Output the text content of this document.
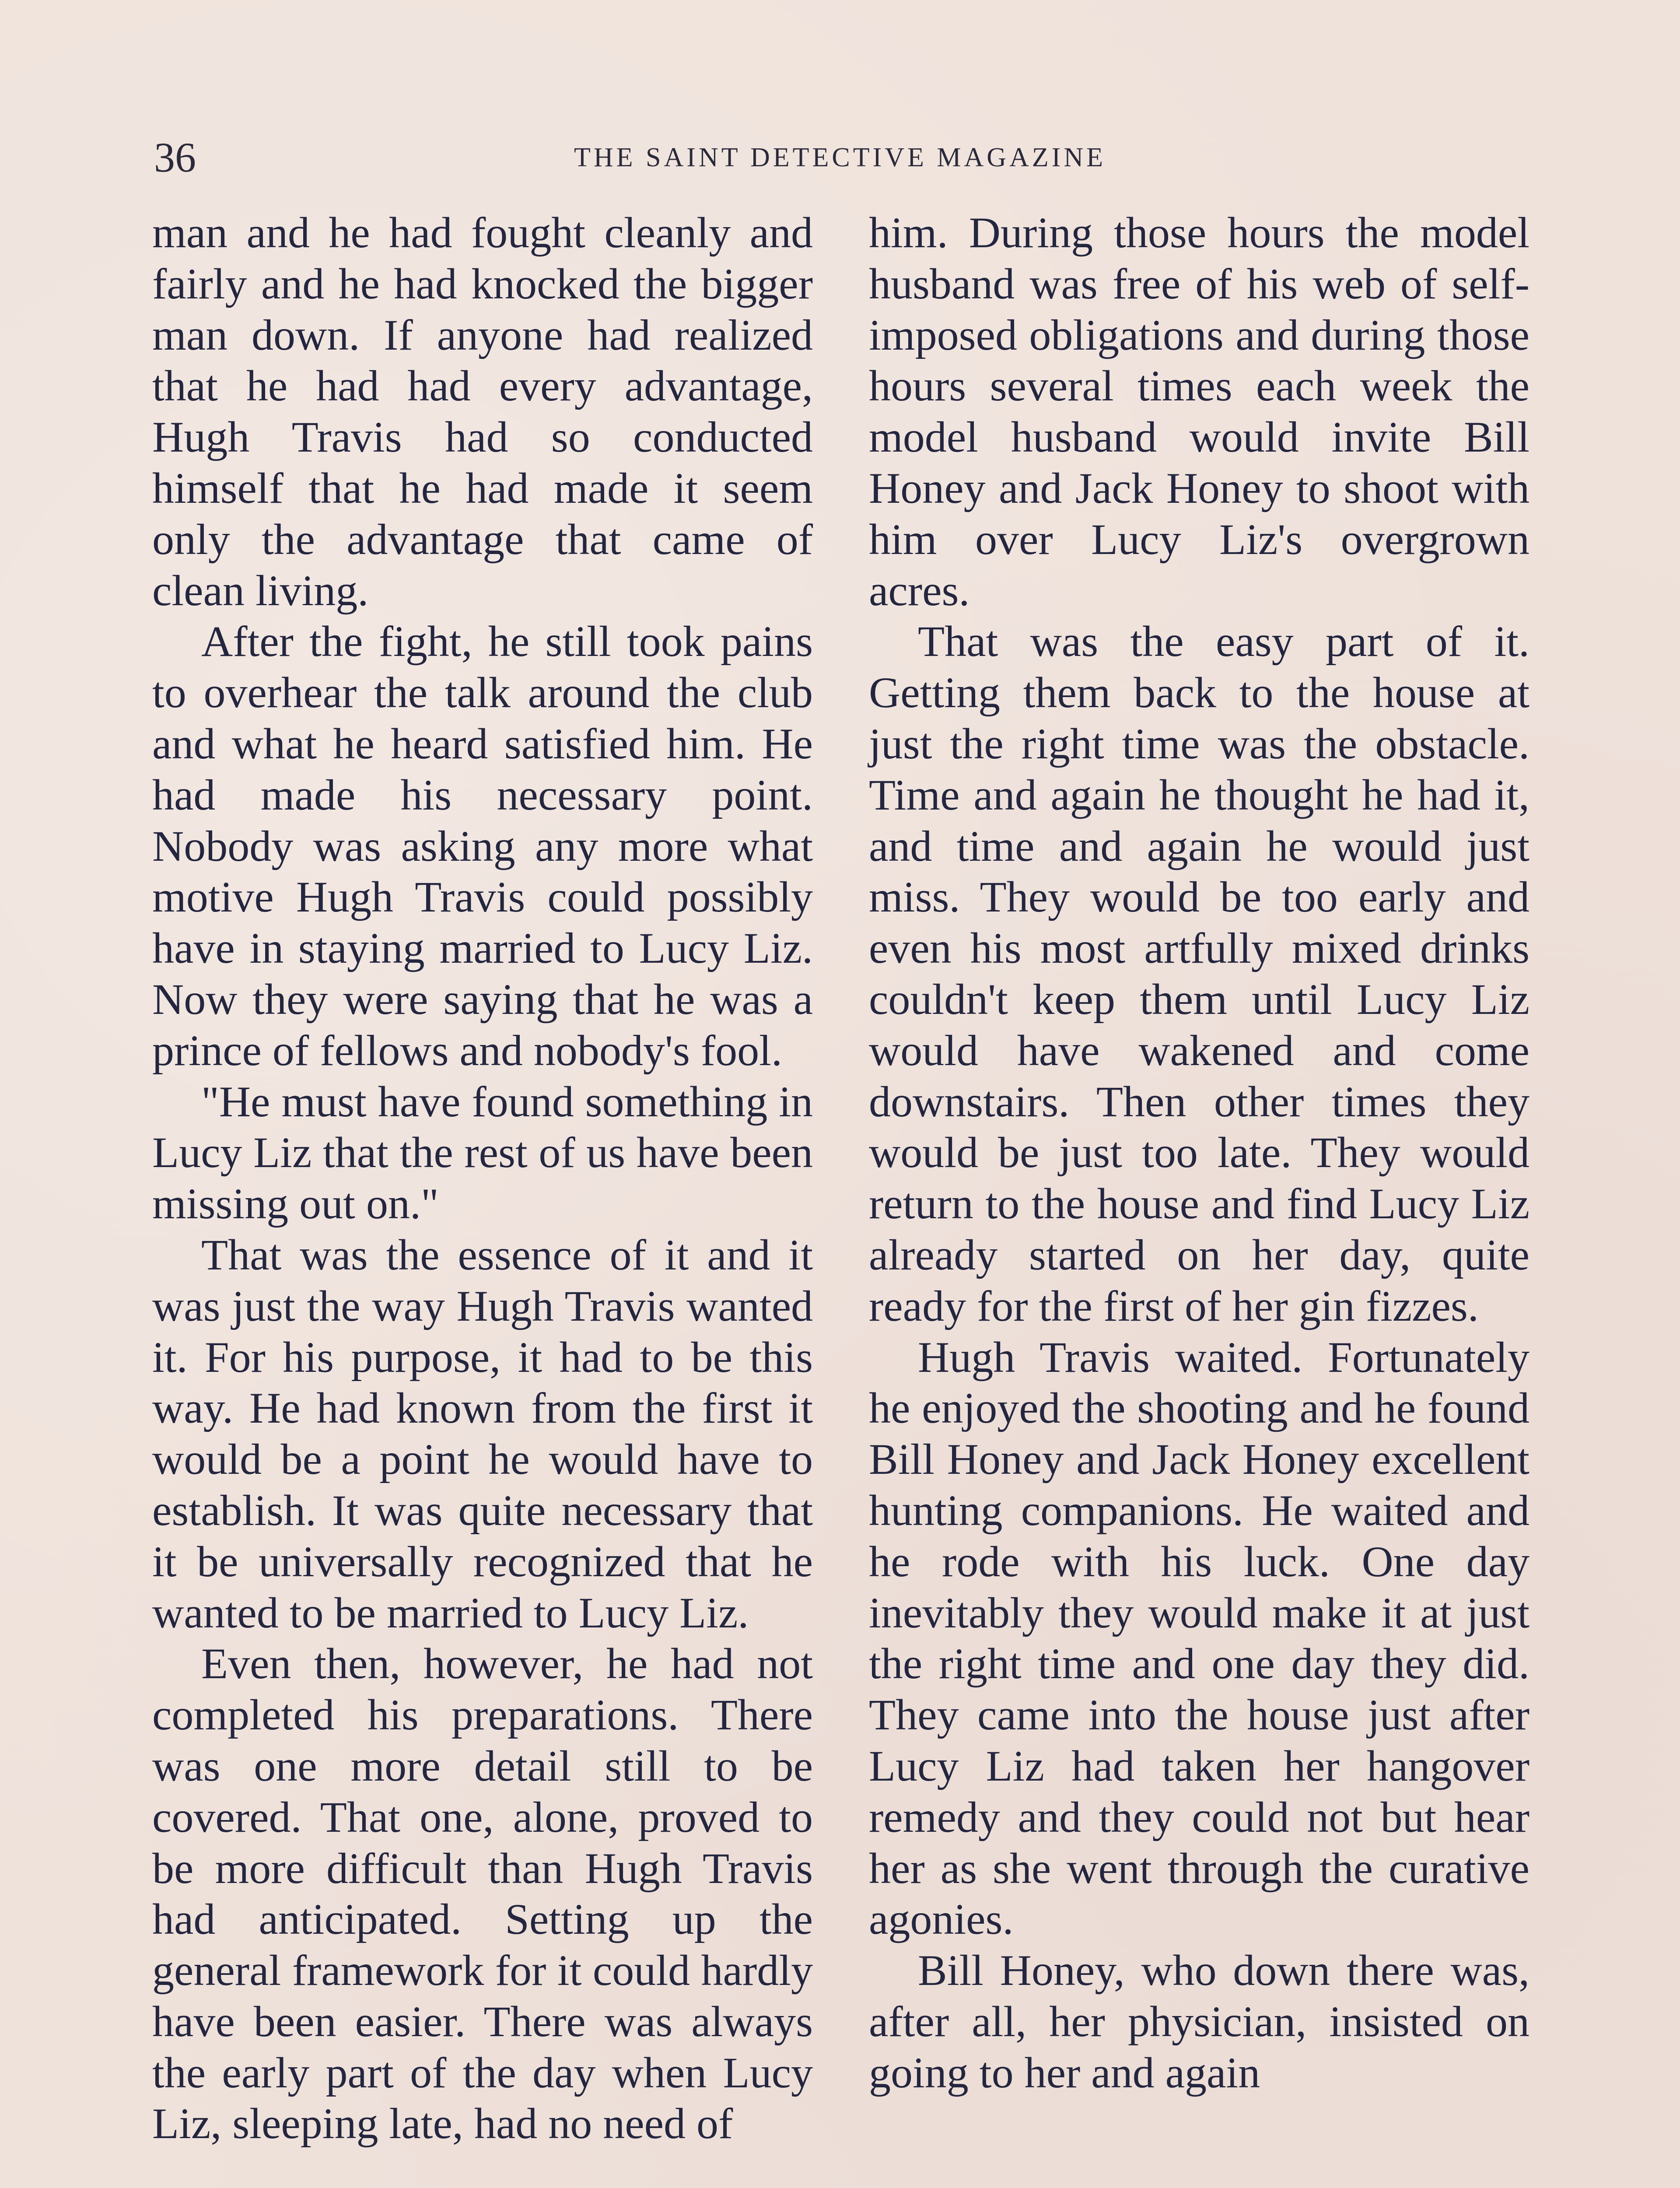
36	THE SAINT DETECTIVE MAGAZINE

man and he had fought cleanly and fairly and he had knocked the bigger man down. If anyone had realized that he had had every advantage, Hugh Travis had so conducted himself that he had made it seem only the advantage that came of clean living.

After the fight, he still took pains to overhear the talk around the club and what he heard satisfied him. He had made his necessary point. Nobody was asking any more what motive Hugh Travis could possibly have in staying married to Lucy Liz. Now they were saying that he was a prince of fellows and nobody's fool.

"He must have found something in Lucy Liz that the rest of us have been missing out on."

That was the essence of it and it was just the way Hugh Travis wanted it. For his purpose, it had to be this way. He had known from the first it would be a point he would have to establish. It was quite necessary that it be universally recognized that he wanted to be married to Lucy Liz.

Even then, however, he had not completed his preparations. There was one more detail still to be covered. That one, alone, proved to be more difficult than Hugh Travis had anticipated. Setting up the general framework for it could hardly have been easier. There was always the early part of the day when Lucy Liz, sleeping late, had no need of

him. During those hours the model husband was free of his web of self-imposed obligations and during those hours several times each week the model husband would invite Bill Honey and Jack Honey to shoot with him over Lucy Liz's overgrown acres.

That was the easy part of it. Getting them back to the house at just the right time was the obstacle. Time and again he thought he had it, and time and again he would just miss. They would be too early and even his most artfully mixed drinks couldn't keep them until Lucy Liz would have wakened and come downstairs. Then other times they would be just too late. They would return to the house and find Lucy Liz already started on her day, quite ready for the first of her gin fizzes.

Hugh Travis waited. Fortunately he enjoyed the shooting and he found Bill Honey and Jack Honey excellent hunting companions. He waited and he rode with his luck. One day inevitably they would make it at just the right time and one day they did. They came into the house just after Lucy Liz had taken her hangover remedy and they could not but hear her as she went through the curative agonies.

Bill Honey, who down there was, after all, her physician, insisted on going to her and again
